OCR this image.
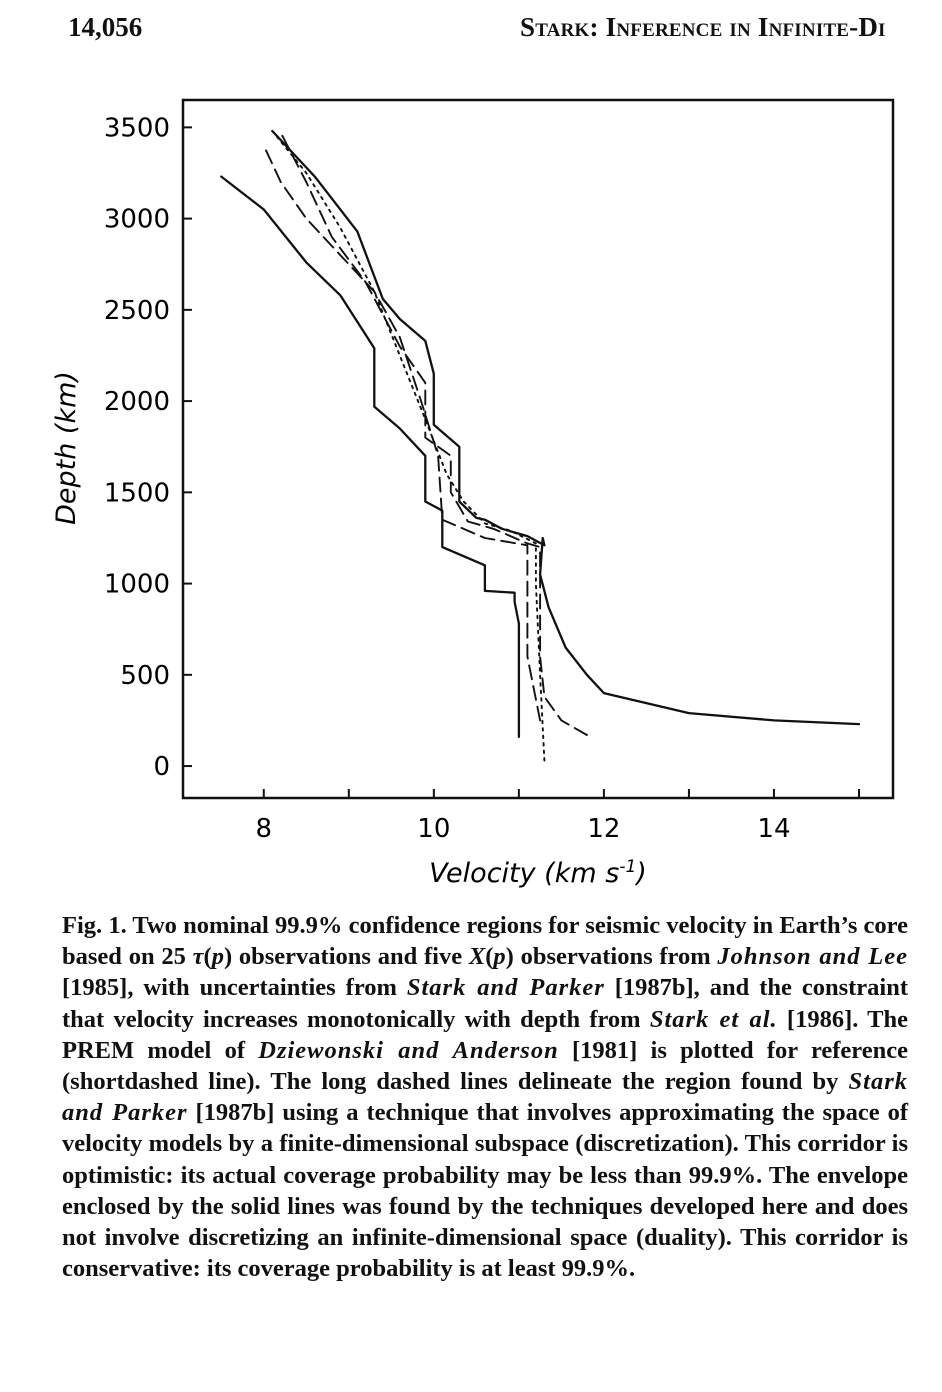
14,056	Stark: Inference in Infinite-Di
0
500
1000
1500
2000
2500
3000
3500
8	10	12	14
Depth (km)
Velocity (km $s^{-1}$)
Fig. 1. Two nominal 99.9% confidence regions for seismic velocity in Earth’s core based on 25 τ(p) observations and five X(p) observations from Johnson and Lee [1985], with uncertainties from Stark and Parker [1987b], and the constraint that velocity increases monotonically with depth from Stark et al. [1986]. The PREM model of Dziewonski and Anderson [1981] is plotted for reference (shortdashed line). The long dashed lines delineate the region found by Stark and Parker [1987b] using a technique that involves approximating the space of velocity models by a finite-dimensional subspace (discretization). This corridor is optimistic: its actual coverage probability may be less than 99.9%. The envelope enclosed by the solid lines was found by the techniques developed here and does not involve discretizing an infinite-dimensional space (duality). This corridor is conservative: its coverage probability is at least 99.9%.
